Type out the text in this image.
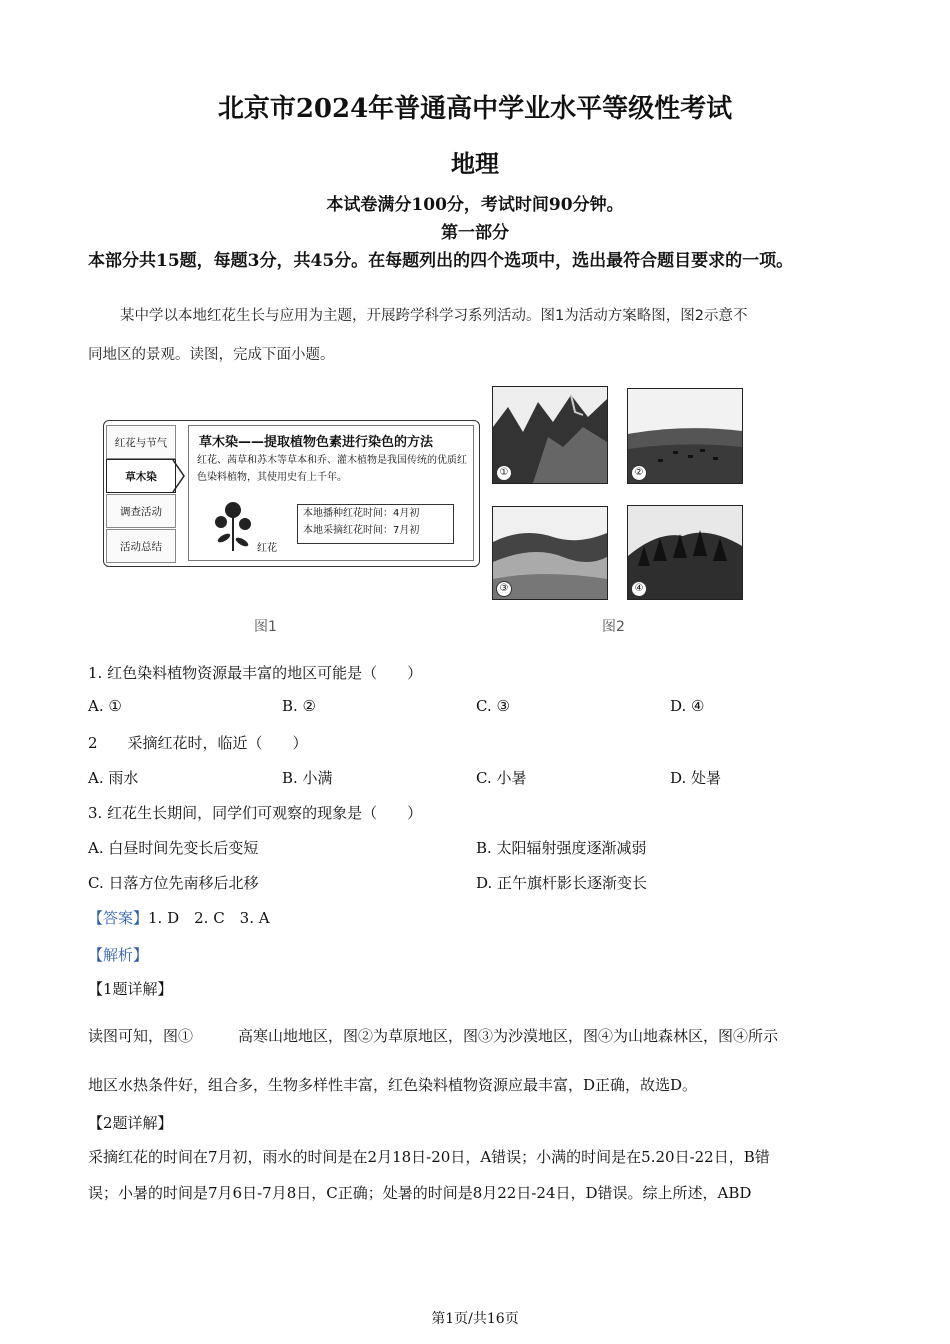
北京市2024年普通高中学业水平等级性考试
地理
本试卷满分100分，考试时间90分钟。
第一部分
本部分共15题，每题3分，共45分。在每题列出的四个选项中，选出最符合题目要求的一项。
某中学以本地红花生长与应用为主题，开展跨学科学习系列活动。图1为活动方案略图，图2示意不
同地区的景观。读图，完成下面小题。
红花与节气
草木染
调查活动
活动总结
草木染——提取植物色素进行染色的方法
红花、茜草和苏木等草本和乔、灌木植物是我国传统的优质红色染料植物，其使用史有上千年。
本地播种红花时间：4月初
本地采摘红花时间：7月初
红花
图1
①	②
③	④
图2
1. 红色染料植物资源最丰富的地区可能是（　　）
A. ①	B. ②	C. ③	D. ④
2　　采摘红花时，临近（　　）
A. 雨水	B. 小满	C. 小暑	D. 处暑
3. 红花生长期间，同学们可观察的现象是（　　）
A. 白昼时间先变长后变短	B. 太阳辐射强度逐渐减弱
C. 日落方位先南移后北移	D. 正午旗杆影长逐渐变长
【答案】1. D　2. C　3. A
【解析】
【1题详解】
读图可知，图①　　　高寒山地地区，图②为草原地区，图③为沙漠地区，图④为山地森林区，图④所示
地区水热条件好，组合多，生物多样性丰富，红色染料植物资源应最丰富，D正确，故选D。
【2题详解】
采摘红花的时间在7月初，雨水的时间是在2月18日-20日，A错误；小满的时间是在5.20日-22日，B错
误；小暑的时间是7月6日-7月8日，C正确；处暑的时间是8月22日-24日，D错误。综上所述，ABD
第1页/共16页
